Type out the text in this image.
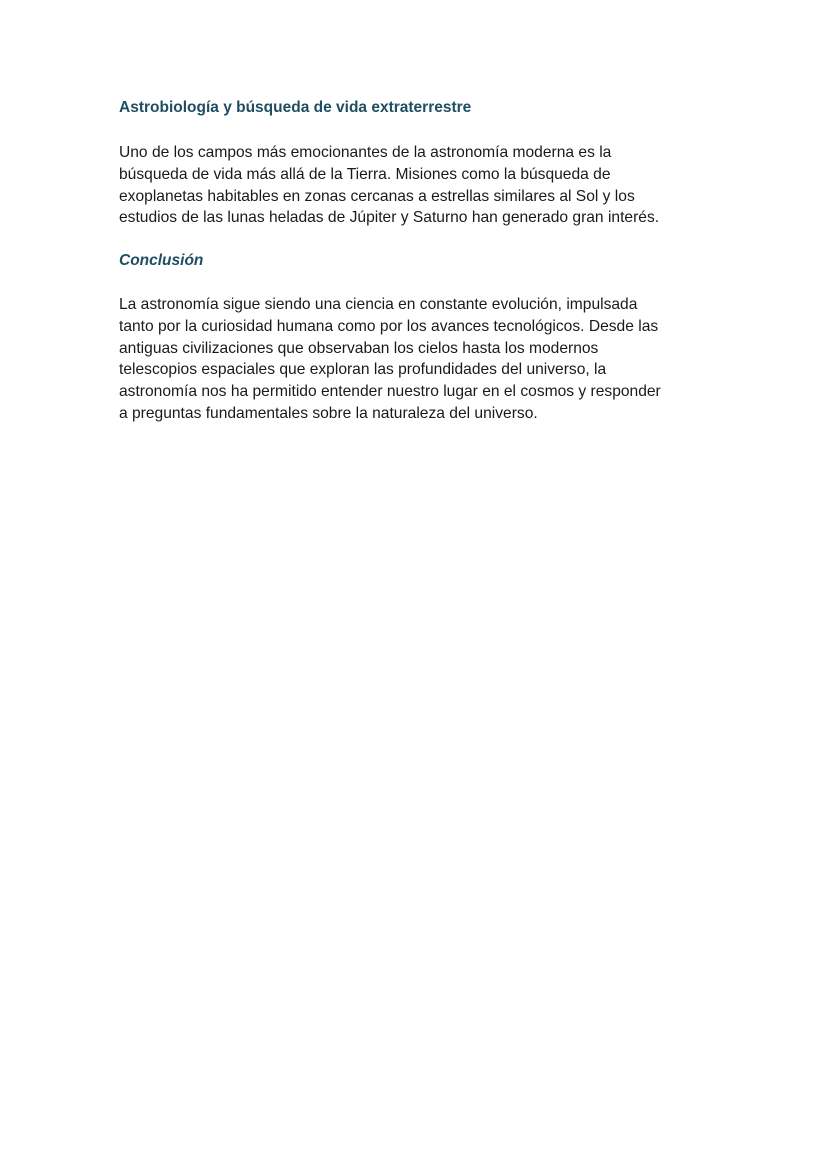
Astrobiología y búsqueda de vida extraterrestre

Uno de los campos más emocionantes de la astronomía moderna es la
búsqueda de vida más allá de la Tierra. Misiones como la búsqueda de
exoplanetas habitables en zonas cercanas a estrellas similares al Sol y los
estudios de las lunas heladas de Júpiter y Saturno han generado gran interés.

Conclusión

La astronomía sigue siendo una ciencia en constante evolución, impulsada
tanto por la curiosidad humana como por los avances tecnológicos. Desde las
antiguas civilizaciones que observaban los cielos hasta los modernos
telescopios espaciales que exploran las profundidades del universo, la
astronomía nos ha permitido entender nuestro lugar en el cosmos y responder
a preguntas fundamentales sobre la naturaleza del universo.
